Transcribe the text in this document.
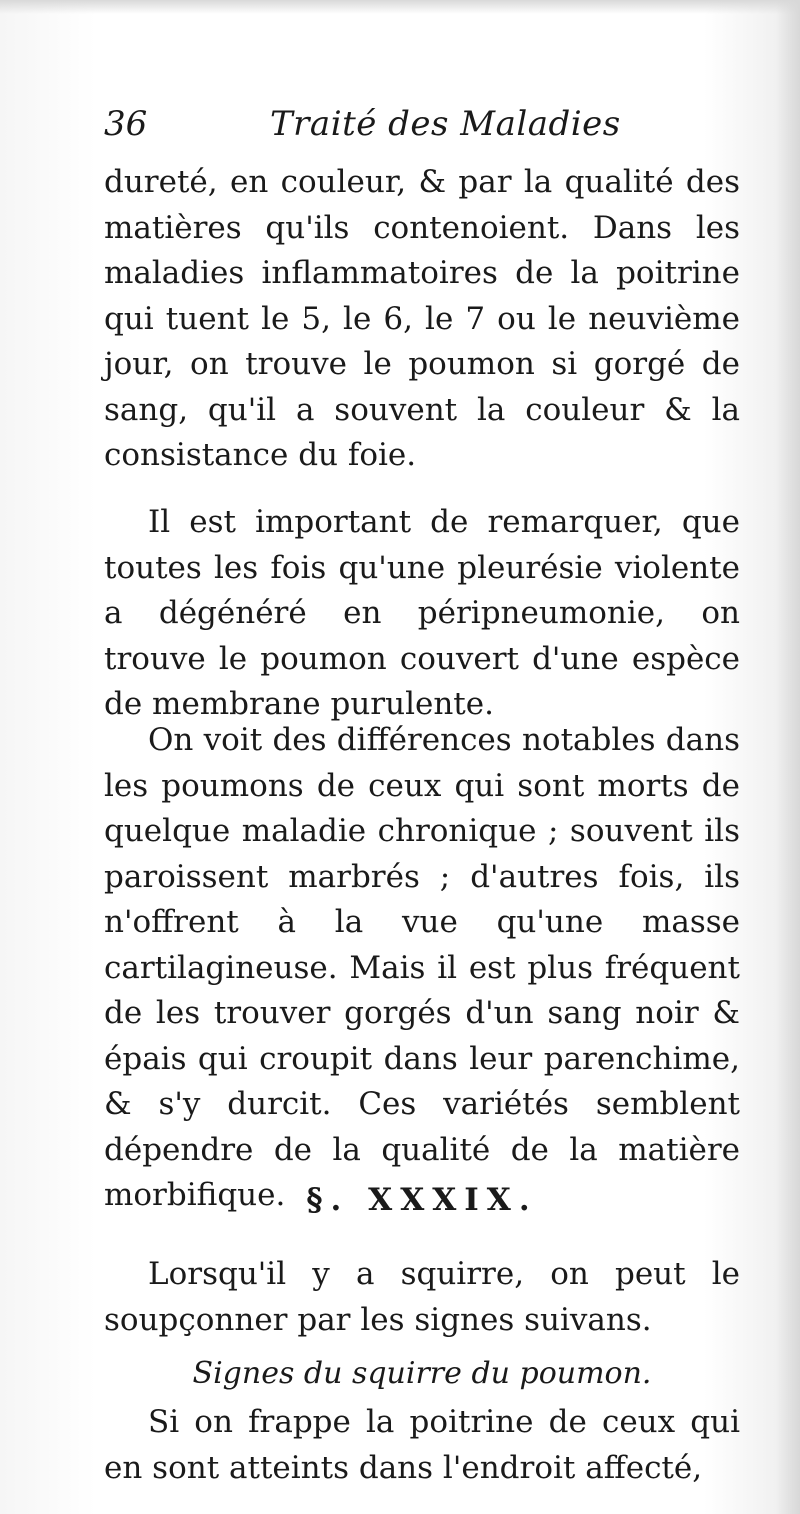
36	Traité des Maladies

dureté, en couleur, & par la qualité des matières qu'ils contenoient. Dans les maladies inflammatoires de la poitrine qui tuent le 5, le 6, le 7 ou le neuvième jour, on trouve le poumon si gorgé de sang, qu'il a souvent la couleur & la consistance du foie.

Il est important de remarquer, que toutes les fois qu'une pleurésie violente a dégénéré en péripneumonie, on trouve le poumon couvert d'une espèce de membrane purulente.

On voit des différences notables dans les poumons de ceux qui sont morts de quelque maladie chronique ; souvent ils paroissent marbrés ; d'autres fois, ils n'offrent à la vue qu'une masse cartilagineuse. Mais il est plus fréquent de les trouver gorgés d'un sang noir & épais qui croupit dans leur parenchime, & s'y durcit. Ces variétés semblent dépendre de la qualité de la matière morbifique. §. XXXIX.

Lorsqu'il y a squirre, on peut le soupçonner par les signes suivans.

Signes du squirre du poumon.

Si on frappe la poitrine de ceux qui en sont atteints dans l'endroit affecté,
